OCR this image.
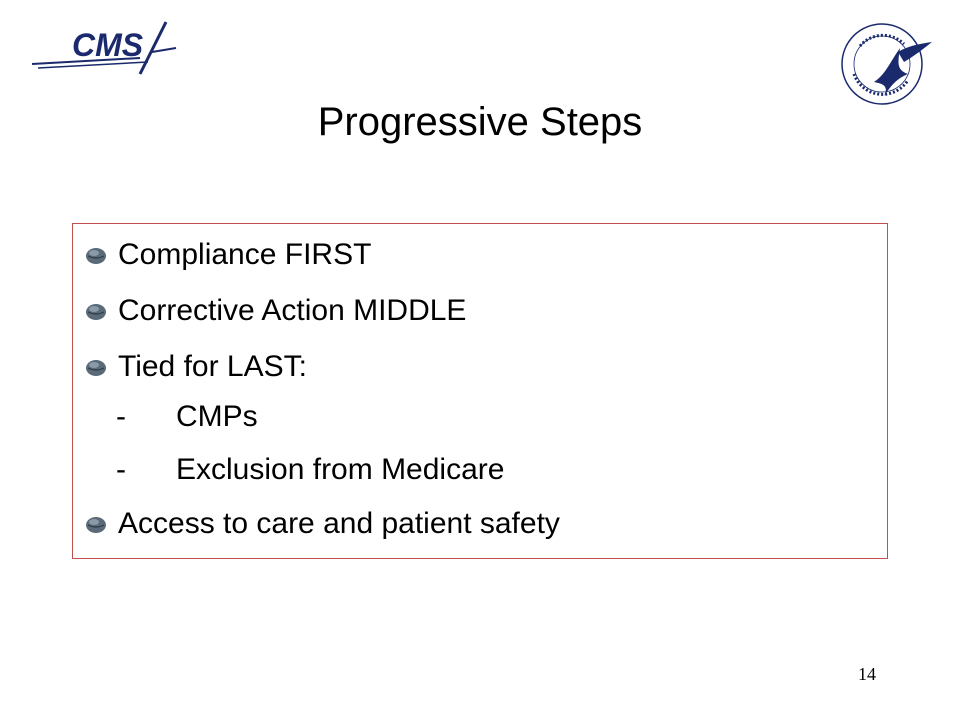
CMS
Progressive Steps
Compliance FIRST
Corrective Action MIDDLE
Tied for LAST:
-	CMPs
-	Exclusion from Medicare
Access to care and patient safety
14
